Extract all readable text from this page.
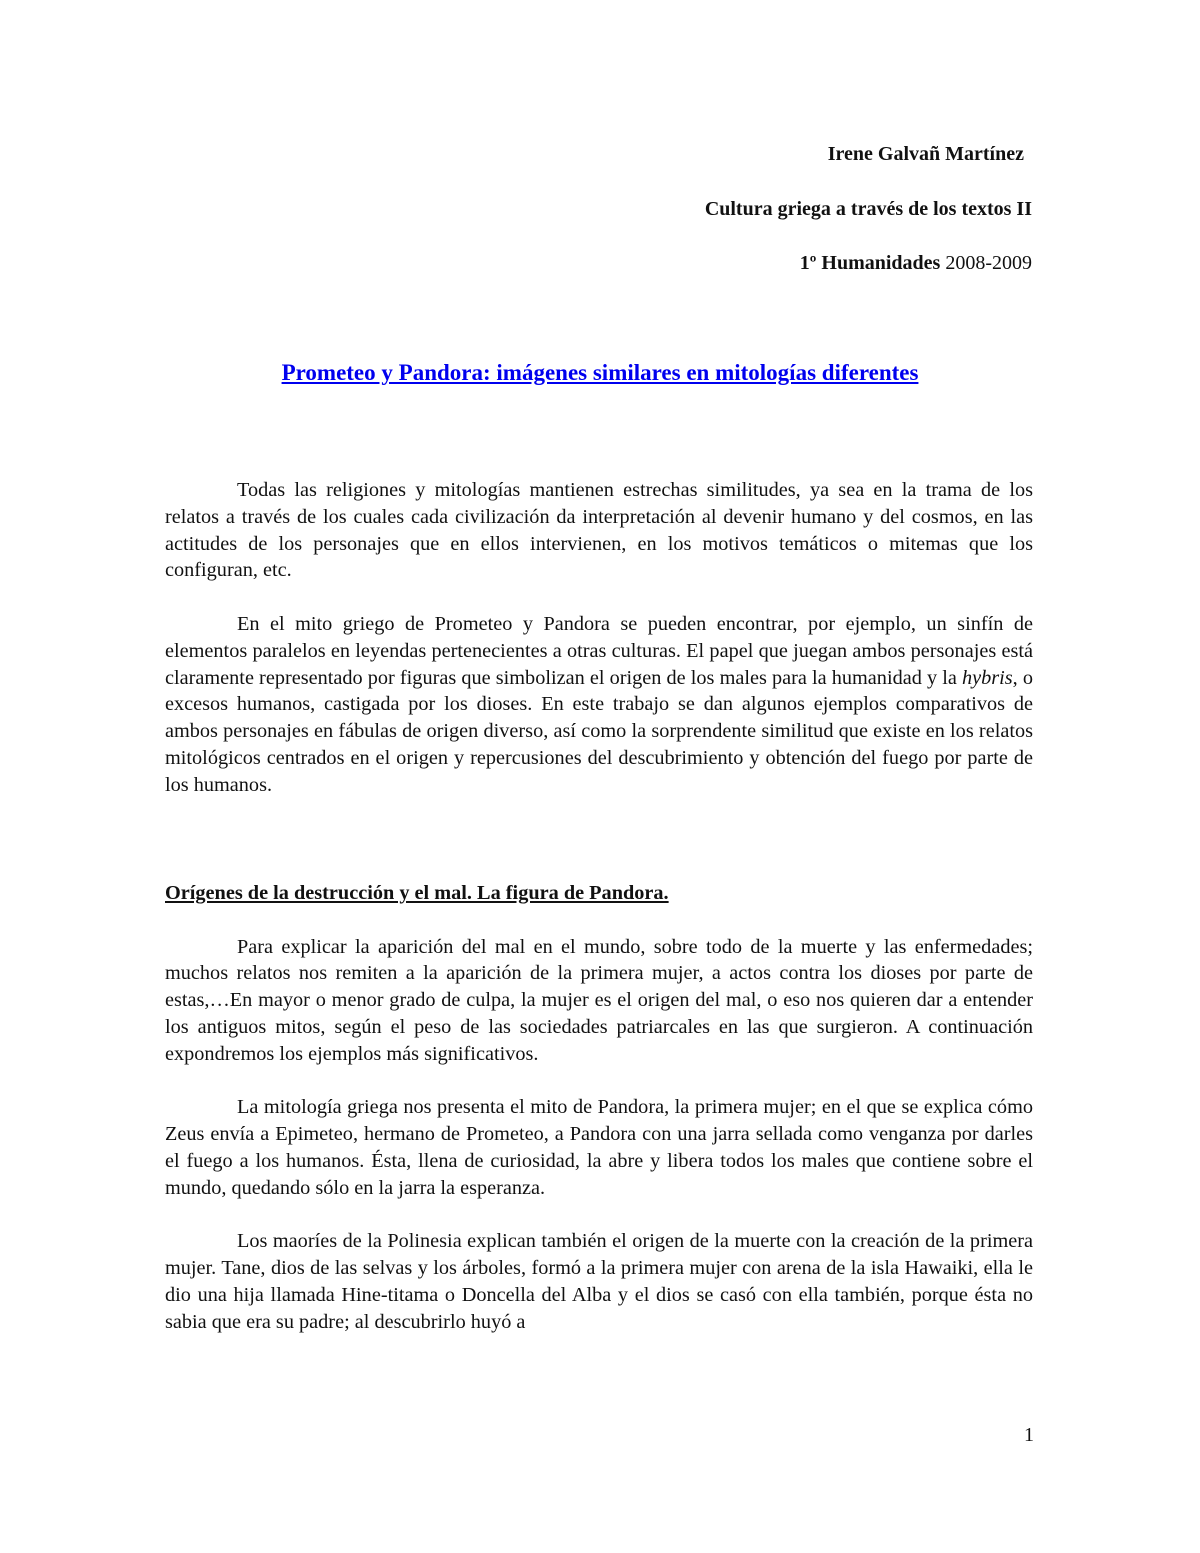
Irene Galvañ Martínez
Cultura griega a través de los textos II
1º Humanidades 2008-2009
Prometeo y Pandora: imágenes similares en mitologías diferentes

Todas las religiones y mitologías mantienen estrechas similitudes, ya sea en la trama de los relatos a través de los cuales cada civilización da interpretación al devenir humano y del cosmos, en las actitudes de los personajes que en ellos intervienen, en los motivos temáticos o mitemas que los configuran, etc.

En el mito griego de Prometeo y Pandora se pueden encontrar, por ejemplo, un sinfín de elementos paralelos en leyendas pertenecientes a otras culturas. El papel que juegan ambos personajes está claramente representado por figuras que simbolizan el origen de los males para la humanidad y la hybris, o excesos humanos, castigada por los dioses. En este trabajo se dan algunos ejemplos comparativos de ambos personajes en fábulas de origen diverso, así como la sorprendente similitud que existe en los relatos mitológicos centrados en el origen y repercusiones del descubrimiento y obtención del fuego por parte de los humanos.

Orígenes de la destrucción y el mal. La figura de Pandora.

Para explicar la aparición del mal en el mundo, sobre todo de la muerte y las enfermedades; muchos relatos nos remiten a la aparición de la primera mujer, a actos contra los dioses por parte de estas,…En mayor o menor grado de culpa, la mujer es el origen del mal, o eso nos quieren dar a entender los antiguos mitos, según el peso de las sociedades patriarcales en las que surgieron. A continuación expondremos los ejemplos más significativos.

La mitología griega nos presenta el mito de Pandora, la primera mujer; en el que se explica cómo Zeus envía a Epimeteo, hermano de Prometeo, a Pandora con una jarra sellada como venganza por darles el fuego a los humanos. Ésta, llena de curiosidad, la abre y libera todos los males que contiene sobre el mundo, quedando sólo en la jarra la esperanza.

Los maoríes de la Polinesia explican también el origen de la muerte con la creación de la primera mujer. Tane, dios de las selvas y los árboles, formó a la primera mujer con arena de la isla Hawaiki, ella le dio una hija llamada Hine-titama o Doncella del Alba y el dios se casó con ella también, porque ésta no sabia que era su padre; al descubrirlo huyó a

1
